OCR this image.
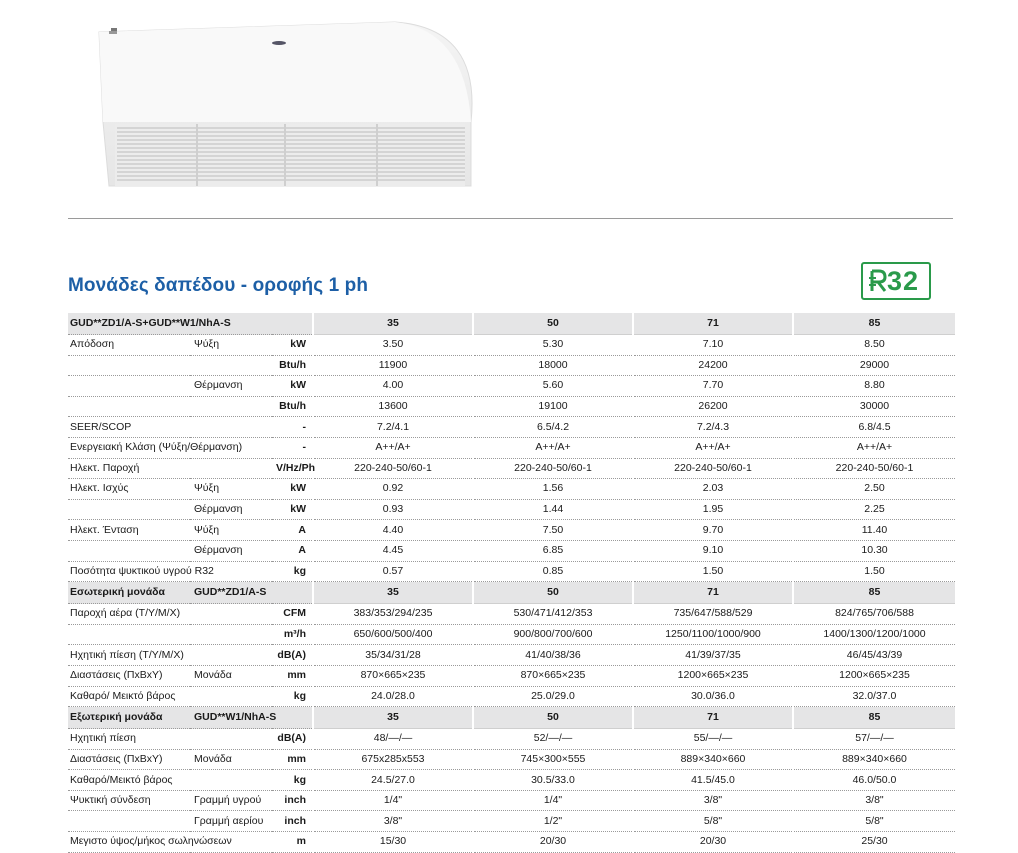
Μονάδες δαπέδου - οροφής 1 ph	32
GUD**ZD1/A-S+GUD**W1/NhA-S				35		50		71		85
Απόδοση	Ψύξη	kW		3.50		5.30		7.10		8.50
		Btu/h		11900		18000		24200		29000
	Θέρμανση	kW		4.00		5.60		7.70		8.80
		Btu/h		13600		19100		26200		30000
SEER/SCOP		-		7.2/4.1		6.5/4.2		7.2/4.3		6.8/4.5
Ενεργειακή Κλάση (Ψύξη/Θέρμανση)		-		A++/A+		A++/A+		A++/A+		A++/A+
Ηλεκτ. Παροχή		V/Hz/Ph		220-240-50/60-1		220-240-50/60-1		220-240-50/60-1		220-240-50/60-1
Ηλεκτ. Ισχύς	Ψύξη	kW		0.92		1.56		2.03		2.50
	Θέρμανση	kW		0.93		1.44		1.95		2.25
Ηλεκτ. Ένταση	Ψύξη	A		4.40		7.50		9.70		11.40
	Θέρμανση	A		4.45		6.85		9.10		10.30
Ποσότητα ψυκτικού υγρού R32		kg		0.57		0.85		1.50		1.50
Εσωτερική μονάδα	GUD**ZD1/A-S			35		50		71		85
Παροχή αέρα (Τ/Υ/Μ/Χ)		CFM		383/353/294/235		530/471/412/353		735/647/588/529		824/765/706/588
		m³/h		650/600/500/400		900/800/700/600		1250/1100/1000/900		1400/1300/1200/1000
Ηχητική πίεση (Τ/Υ/Μ/Χ)		dB(A)		35/34/31/28		41/40/38/36		41/39/37/35		46/45/43/39
Διαστάσεις (ΠxΒxΥ)	Μονάδα	mm		870×665×235		870×665×235		1200×665×235		1200×665×235
Καθαρό/ Μεικτό βάρος		kg		24.0/28.0		25.0/29.0		30.0/36.0		32.0/37.0
Εξωτερική μονάδα	GUD**W1/NhA-S			35		50		71		85
Ηχητική πίεση		dB(A)		48/—/—		52/—/—		55/—/—		57/—/—
Διαστάσεις (ΠxΒxΥ)	Μονάδα	mm		675x285x553		745×300×555		889×340×660		889×340×660
Καθαρό/Μεικτό βάρος		kg		24.5/27.0		30.5/33.0		41.5/45.0		46.0/50.0
Ψυκτική σύνδεση	Γραμμή υγρού	inch		1/4"		1/4"		3/8"		3/8"
	Γραμμή αερίου	inch		3/8"		1/2"		5/8"		5/8"
Μεγιστο ύψος/μήκος σωληνώσεων		m		15/30		20/30		20/30		25/30
